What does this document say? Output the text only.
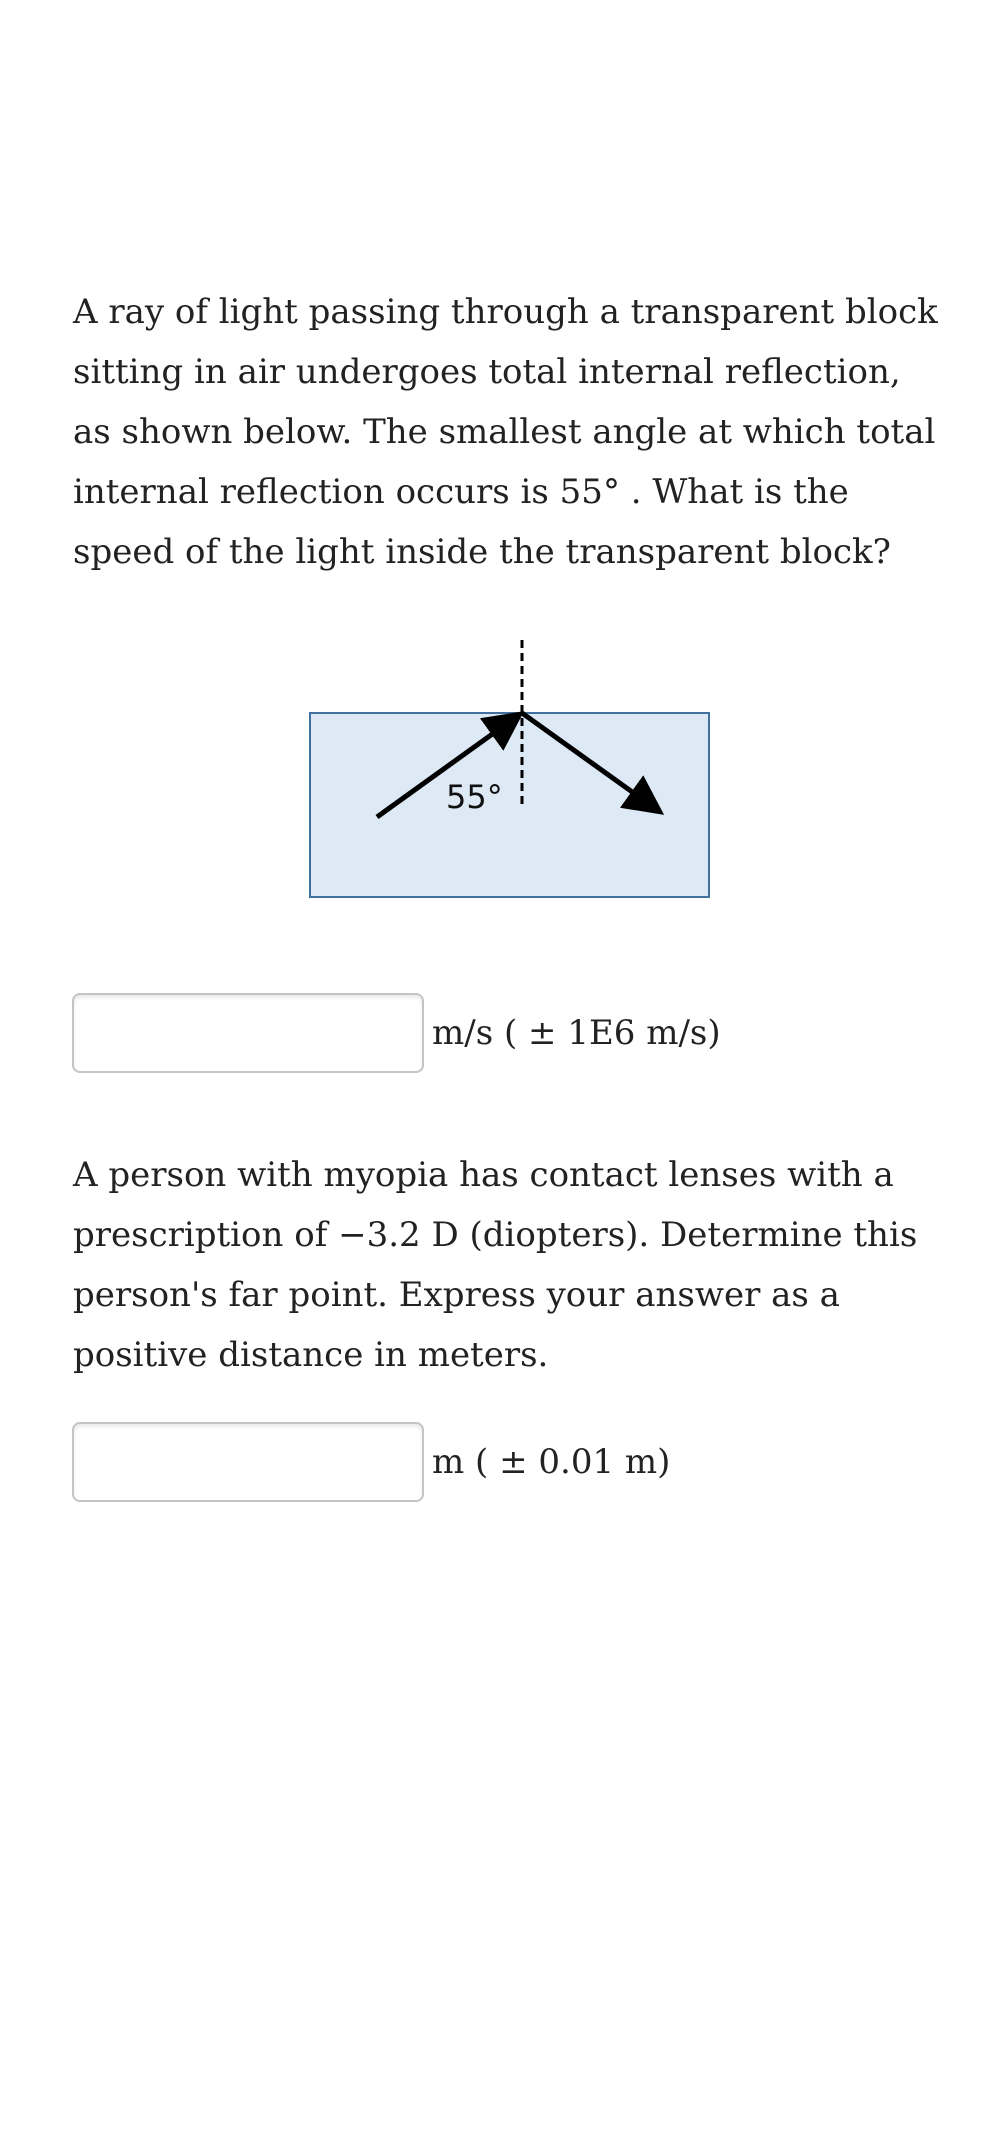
A ray of light passing through a transparent block sitting in air undergoes total internal reflection, as shown below. The smallest angle at which total internal reflection occurs is 55° . What is the speed of the light inside the transparent block?
55°
m/s ( ± 1E6 m/s)
A person with myopia has contact lenses with a prescription of −3.2 D (diopters). Determine this person's far point. Express your answer as a positive distance in meters.
m ( ± 0.01 m)
